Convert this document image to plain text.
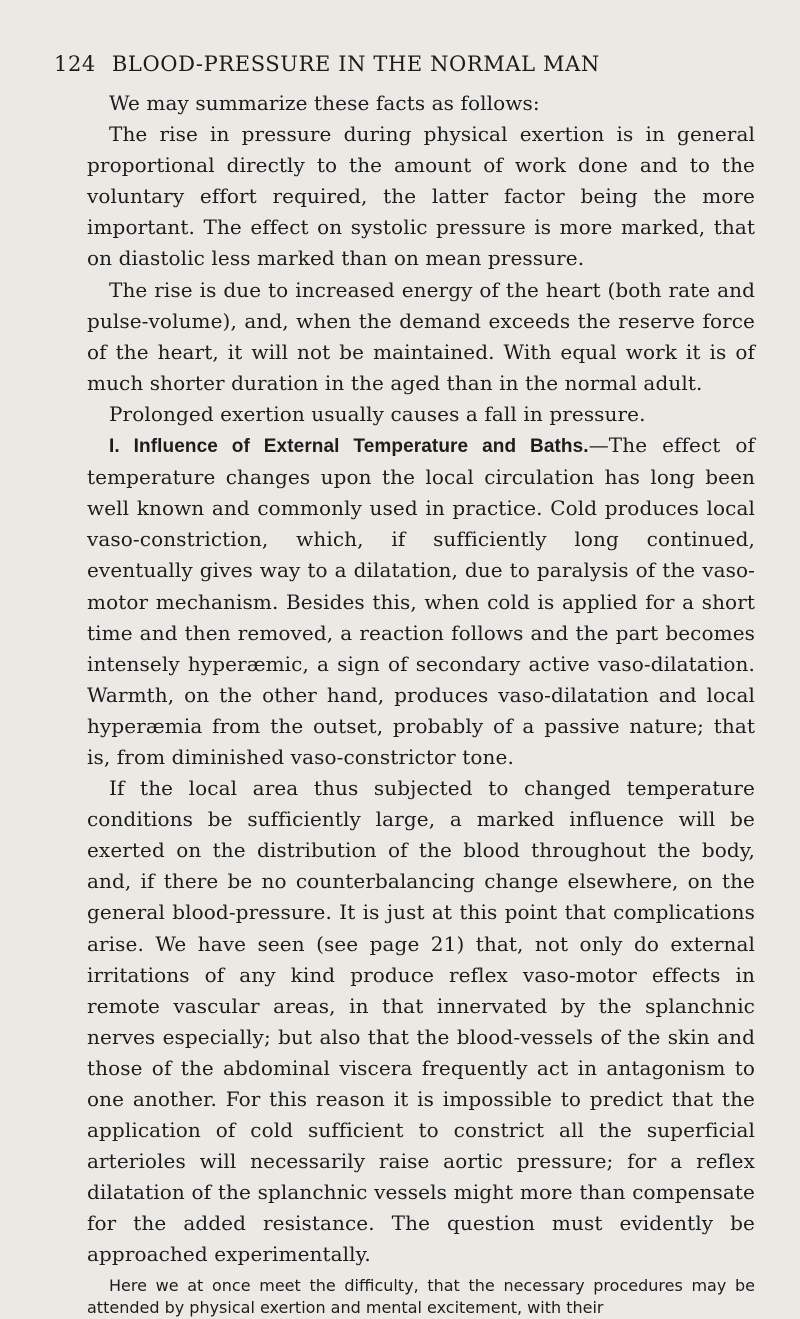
124 BLOOD-PRESSURE IN THE NORMAL MAN

We may summarize these facts as follows:

The rise in pressure during physical exertion is in general proportional directly to the amount of work done and to the voluntary effort required, the latter factor being the more important. The effect on systolic pressure is more marked, that on diastolic less marked than on mean pressure.

The rise is due to increased energy of the heart (both rate and pulse-volume), and, when the demand exceeds the reserve force of the heart, it will not be maintained. With equal work it is of much shorter duration in the aged than in the normal adult.

Prolonged exertion usually causes a fall in pressure.

I. Influence of External Temperature and Baths.—The effect of temperature changes upon the local circulation has long been well known and commonly used in practice. Cold produces local vaso-constriction, which, if sufficiently long continued, eventually gives way to a dilatation, due to paralysis of the vaso-motor mechanism. Besides this, when cold is applied for a short time and then removed, a reaction follows and the part becomes intensely hyperæmic, a sign of secondary active vaso-dilatation. Warmth, on the other hand, produces vaso-dilatation and local hyperæmia from the outset, probably of a passive nature; that is, from diminished vaso-constrictor tone.

If the local area thus subjected to changed temperature conditions be sufficiently large, a marked influence will be exerted on the distribution of the blood throughout the body, and, if there be no counterbalancing change elsewhere, on the general blood-pressure. It is just at this point that complications arise. We have seen (see page 21) that, not only do external irritations of any kind produce reflex vaso-motor effects in remote vascular areas, in that innervated by the splanchnic nerves especially; but also that the blood-vessels of the skin and those of the abdominal viscera frequently act in antagonism to one another. For this reason it is impossible to predict that the application of cold sufficient to constrict all the superficial arterioles will necessarily raise aortic pressure; for a reflex dilatation of the splanchnic vessels might more than compensate for the added resistance. The question must evidently be approached experimentally.

Here we at once meet the difficulty, that the necessary procedures may be attended by physical exertion and mental excitement, with their
